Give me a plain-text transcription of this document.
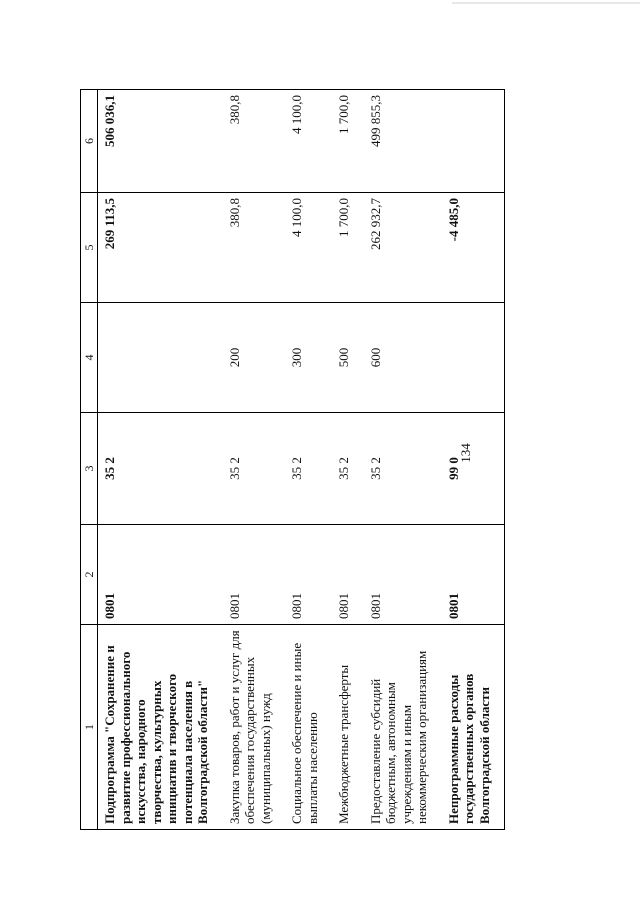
134
1	2	3	4	5	6
Подпрограмма "Сохранение и развитие профессионального искусства, народного творчества, культурных инициатив и творческого потенциала населения в Волгоградской области"	0801	35 2		269 113,5	506 036,1
Закупка товаров, работ и услуг для обеспечения государственных (муниципальных) нужд	0801	35 2	200	380,8	380,8
Социальное обеспечение и иные выплаты населению	0801	35 2	300	4 100,0	4 100,0
Межбюджетные трансферты	0801	35 2	500	1 700,0	1 700,0
Предоставление субсидий бюджетным, автономным учреждениям и иным некоммерческим организациям	0801	35 2	600	262 932,7	499 855,3
Непрограммные расходы государственных органов Волгоградской области	0801	99 0		-4 485,0	
